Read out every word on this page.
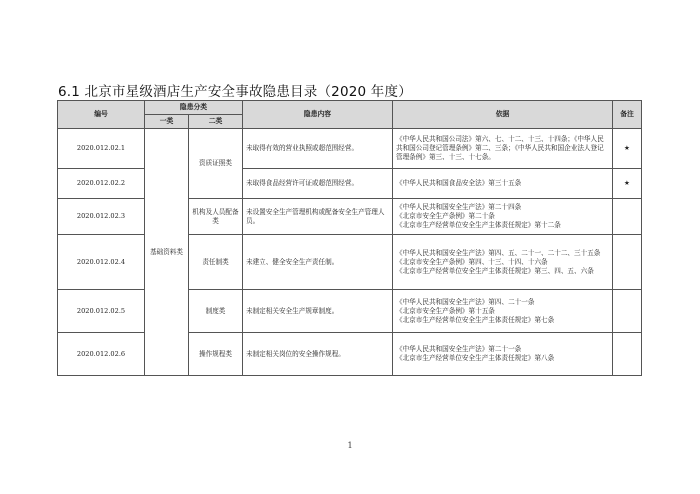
6.1 北京市星级酒店生产安全事故隐患目录（2020 年度）
编号	隐患分类		隐患内容	依据	备注
	一类	二类			
2020.012.02.1	基础资料类	资质证照类	未取得有效的营业执照或超范围经营。	《中华人民共和国公司法》第六、七、十二、十三、十四条；《中华人民共和国公司登记管理条例》第二、三条；《中华人民共和国企业法人登记管理条例》第三、十三、十七条。	★
2020.012.02.2			未取得食品经营许可证或超范围经营。	《中华人民共和国食品安全法》第三十五条	★
2020.012.02.3		机构及人员配备类	未设置安全生产管理机构或配备安全生产管理人员。	《中华人民共和国安全生产法》第二十四条
《北京市安全生产条例》第二十条
《北京市生产经营单位安全生产主体责任规定》第十二条	

2020.012.02.4		责任制类	未建立、健全安全生产责任制。	《中华人民共和国安全生产法》第四、五、二十一、二十二、三十五条
《北京市安全生产条例》第四、十三、十四、十六条
《北京市生产经营单位安全生产主体责任规定》第三、四、五、六条	

2020.012.02.5		制度类	未制定相关安全生产规章制度。	《中华人民共和国安全生产法》第四、二十一条
《北京市安全生产条例》第十五条
《北京市生产经营单位安全生产主体责任规定》第七条	

2020.012.02.6		操作规程类	未制定相关岗位的安全操作规程。	《中华人民共和国安全生产法》第二十一条
《北京市生产经营单位安全生产主体责任规定》第八条	

1
